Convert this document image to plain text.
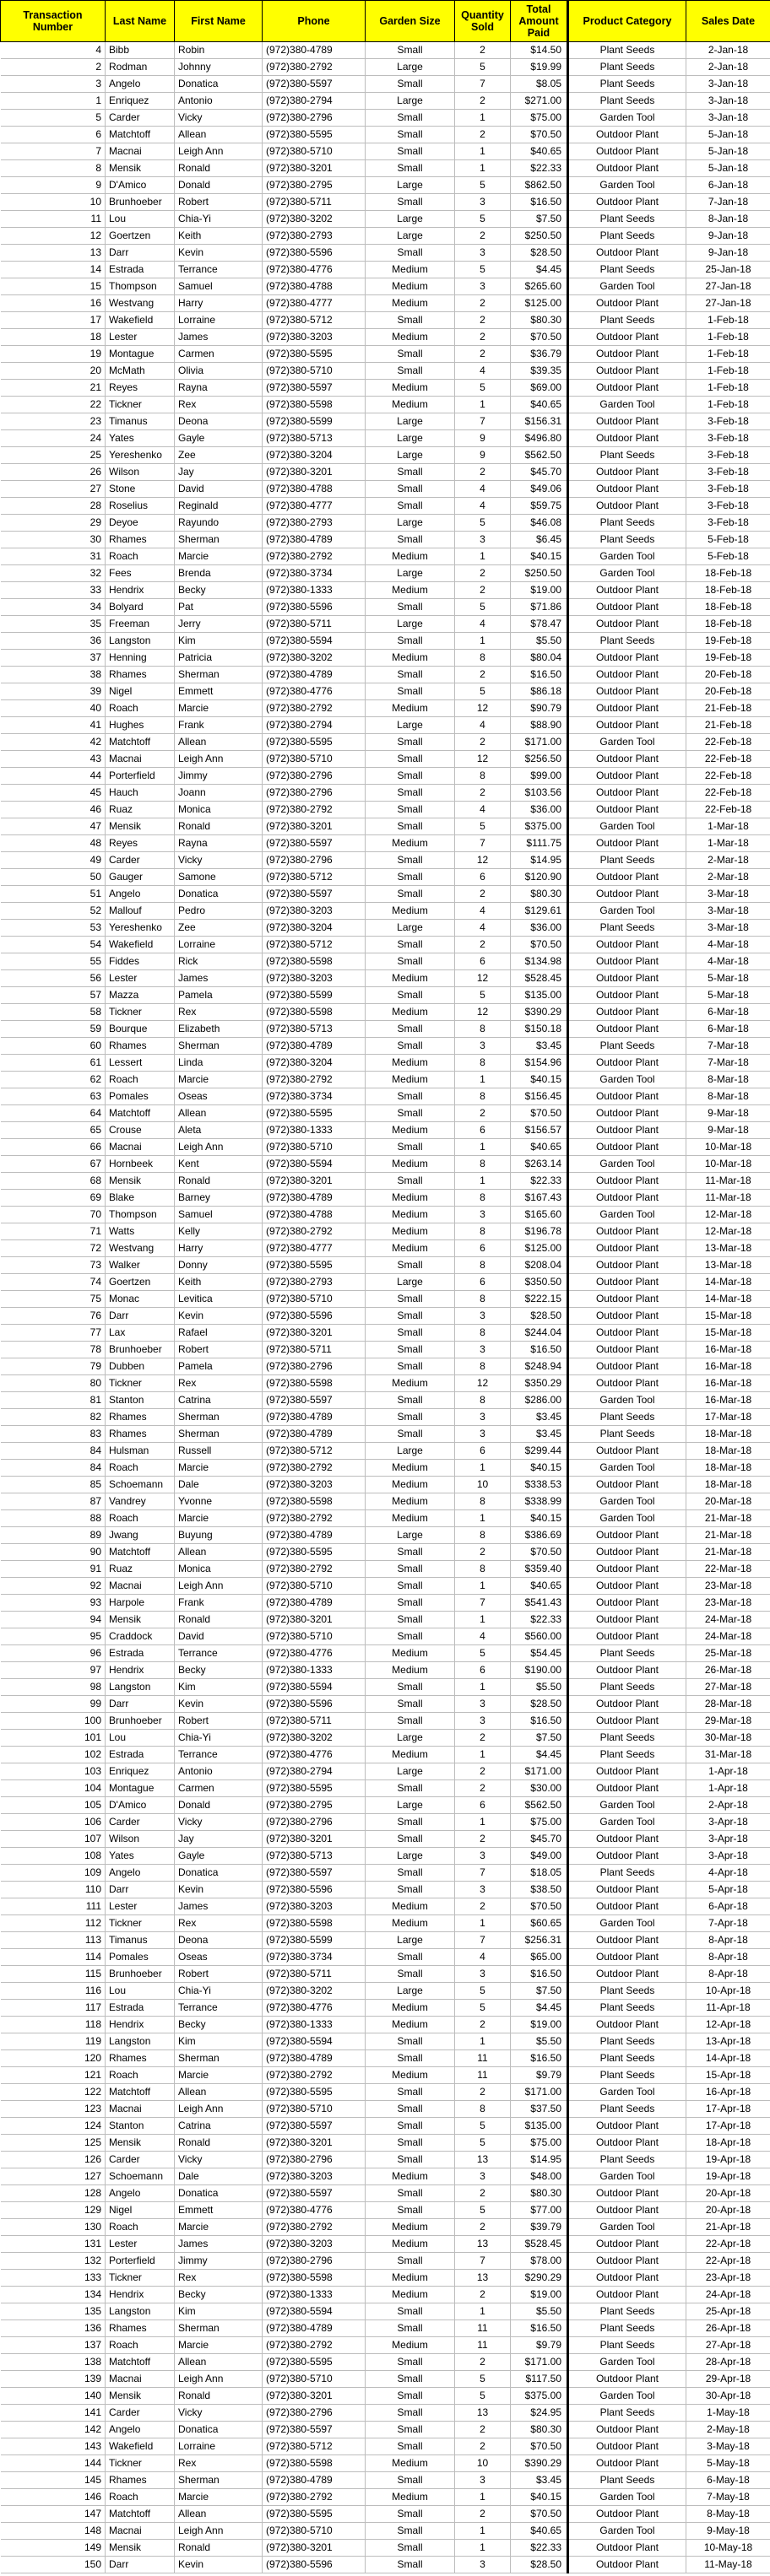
Transaction Number	Last Name	First Name	Phone	Garden Size	Quantity Sold	Total Amount Paid	Product Category	Sales Date
4	Bibb	Robin	(972)380-4789	Small	2	$14.50	Plant Seeds	2-Jan-18
2	Rodman	Johnny	(972)380-2792	Large	5	$19.99	Plant Seeds	2-Jan-18
3	Angelo	Donatica	(972)380-5597	Small	7	$8.05	Plant Seeds	3-Jan-18
1	Enriquez	Antonio	(972)380-2794	Large	2	$271.00	Plant Seeds	3-Jan-18
5	Carder	Vicky	(972)380-2796	Small	1	$75.00	Garden Tool	3-Jan-18
6	Matchtoff	Allean	(972)380-5595	Small	2	$70.50	Outdoor Plant	5-Jan-18
7	Macnai	Leigh Ann	(972)380-5710	Small	1	$40.65	Outdoor Plant	5-Jan-18
8	Mensik	Ronald	(972)380-3201	Small	1	$22.33	Outdoor Plant	5-Jan-18
9	D'Amico	Donald	(972)380-2795	Large	5	$862.50	Garden Tool	6-Jan-18
10	Brunhoeber	Robert	(972)380-5711	Small	3	$16.50	Outdoor Plant	7-Jan-18
11	Lou	Chia-Yi	(972)380-3202	Large	5	$7.50	Plant Seeds	8-Jan-18
12	Goertzen	Keith	(972)380-2793	Large	2	$250.50	Plant Seeds	9-Jan-18
13	Darr	Kevin	(972)380-5596	Small	3	$28.50	Outdoor Plant	9-Jan-18
14	Estrada	Terrance	(972)380-4776	Medium	5	$4.45	Plant Seeds	25-Jan-18
15	Thompson	Samuel	(972)380-4788	Medium	3	$265.60	Garden Tool	27-Jan-18
16	Westvang	Harry	(972)380-4777	Medium	2	$125.00	Outdoor Plant	27-Jan-18
17	Wakefield	Lorraine	(972)380-5712	Small	2	$80.30	Plant Seeds	1-Feb-18
18	Lester	James	(972)380-3203	Medium	2	$70.50	Outdoor Plant	1-Feb-18
19	Montague	Carmen	(972)380-5595	Small	2	$36.79	Outdoor Plant	1-Feb-18
20	McMath	Olivia	(972)380-5710	Small	4	$39.35	Outdoor Plant	1-Feb-18
21	Reyes	Rayna	(972)380-5597	Medium	5	$69.00	Outdoor Plant	1-Feb-18
22	Tickner	Rex	(972)380-5598	Medium	1	$40.65	Garden Tool	1-Feb-18
23	Timanus	Deona	(972)380-5599	Large	7	$156.31	Outdoor Plant	3-Feb-18
24	Yates	Gayle	(972)380-5713	Large	9	$496.80	Outdoor Plant	3-Feb-18
25	Yereshenko	Zee	(972)380-3204	Large	9	$562.50	Plant Seeds	3-Feb-18
26	Wilson	Jay	(972)380-3201	Small	2	$45.70	Outdoor Plant	3-Feb-18
27	Stone	David	(972)380-4788	Small	4	$49.06	Outdoor Plant	3-Feb-18
28	Roselius	Reginald	(972)380-4777	Small	4	$59.75	Outdoor Plant	3-Feb-18
29	Deyoe	Rayundo	(972)380-2793	Large	5	$46.08	Plant Seeds	3-Feb-18
30	Rhames	Sherman	(972)380-4789	Small	3	$6.45	Plant Seeds	5-Feb-18
31	Roach	Marcie	(972)380-2792	Medium	1	$40.15	Garden Tool	5-Feb-18
32	Fees	Brenda	(972)380-3734	Large	2	$250.50	Garden Tool	18-Feb-18
33	Hendrix	Becky	(972)380-1333	Medium	2	$19.00	Outdoor Plant	18-Feb-18
34	Bolyard	Pat	(972)380-5596	Small	5	$71.86	Outdoor Plant	18-Feb-18
35	Freeman	Jerry	(972)380-5711	Large	4	$78.47	Outdoor Plant	18-Feb-18
36	Langston	Kim	(972)380-5594	Small	1	$5.50	Plant Seeds	19-Feb-18
37	Henning	Patricia	(972)380-3202	Medium	8	$80.04	Outdoor Plant	19-Feb-18
38	Rhames	Sherman	(972)380-4789	Small	2	$16.50	Outdoor Plant	20-Feb-18
39	Nigel	Emmett	(972)380-4776	Small	5	$86.18	Outdoor Plant	20-Feb-18
40	Roach	Marcie	(972)380-2792	Medium	12	$90.79	Outdoor Plant	21-Feb-18
41	Hughes	Frank	(972)380-2794	Large	4	$88.90	Outdoor Plant	21-Feb-18
42	Matchtoff	Allean	(972)380-5595	Small	2	$171.00	Garden Tool	22-Feb-18
43	Macnai	Leigh Ann	(972)380-5710	Small	12	$256.50	Outdoor Plant	22-Feb-18
44	Porterfield	Jimmy	(972)380-2796	Small	8	$99.00	Outdoor Plant	22-Feb-18
45	Hauch	Joann	(972)380-2796	Small	2	$103.56	Outdoor Plant	22-Feb-18
46	Ruaz	Monica	(972)380-2792	Small	4	$36.00	Outdoor Plant	22-Feb-18
47	Mensik	Ronald	(972)380-3201	Small	5	$375.00	Garden Tool	1-Mar-18
48	Reyes	Rayna	(972)380-5597	Medium	7	$111.75	Outdoor Plant	1-Mar-18
49	Carder	Vicky	(972)380-2796	Small	12	$14.95	Plant Seeds	2-Mar-18
50	Gauger	Samone	(972)380-5712	Small	6	$120.90	Outdoor Plant	2-Mar-18
51	Angelo	Donatica	(972)380-5597	Small	2	$80.30	Outdoor Plant	3-Mar-18
52	Mallouf	Pedro	(972)380-3203	Medium	4	$129.61	Garden Tool	3-Mar-18
53	Yereshenko	Zee	(972)380-3204	Large	4	$36.00	Plant Seeds	3-Mar-18
54	Wakefield	Lorraine	(972)380-5712	Small	2	$70.50	Outdoor Plant	4-Mar-18
55	Fiddes	Rick	(972)380-5598	Small	6	$134.98	Outdoor Plant	4-Mar-18
56	Lester	James	(972)380-3203	Medium	12	$528.45	Outdoor Plant	5-Mar-18
57	Mazza	Pamela	(972)380-5599	Small	5	$135.00	Outdoor Plant	5-Mar-18
58	Tickner	Rex	(972)380-5598	Medium	12	$390.29	Outdoor Plant	6-Mar-18
59	Bourque	Elizabeth	(972)380-5713	Small	8	$150.18	Outdoor Plant	6-Mar-18
60	Rhames	Sherman	(972)380-4789	Small	3	$3.45	Plant Seeds	7-Mar-18
61	Lessert	Linda	(972)380-3204	Medium	8	$154.96	Outdoor Plant	7-Mar-18
62	Roach	Marcie	(972)380-2792	Medium	1	$40.15	Garden Tool	8-Mar-18
63	Pomales	Oseas	(972)380-3734	Small	8	$156.45	Outdoor Plant	8-Mar-18
64	Matchtoff	Allean	(972)380-5595	Small	2	$70.50	Outdoor Plant	9-Mar-18
65	Crouse	Aleta	(972)380-1333	Medium	6	$156.57	Outdoor Plant	9-Mar-18
66	Macnai	Leigh Ann	(972)380-5710	Small	1	$40.65	Outdoor Plant	10-Mar-18
67	Hornbeek	Kent	(972)380-5594	Medium	8	$263.14	Garden Tool	10-Mar-18
68	Mensik	Ronald	(972)380-3201	Small	1	$22.33	Outdoor Plant	11-Mar-18
69	Blake	Barney	(972)380-4789	Medium	8	$167.43	Outdoor Plant	11-Mar-18
70	Thompson	Samuel	(972)380-4788	Medium	3	$165.60	Garden Tool	12-Mar-18
71	Watts	Kelly	(972)380-2792	Medium	8	$196.78	Outdoor Plant	12-Mar-18
72	Westvang	Harry	(972)380-4777	Medium	6	$125.00	Outdoor Plant	13-Mar-18
73	Walker	Donny	(972)380-5595	Small	8	$208.04	Outdoor Plant	13-Mar-18
74	Goertzen	Keith	(972)380-2793	Large	6	$350.50	Outdoor Plant	14-Mar-18
75	Monac	Levitica	(972)380-5710	Small	8	$222.15	Outdoor Plant	14-Mar-18
76	Darr	Kevin	(972)380-5596	Small	3	$28.50	Outdoor Plant	15-Mar-18
77	Lax	Rafael	(972)380-3201	Small	8	$244.04	Outdoor Plant	15-Mar-18
78	Brunhoeber	Robert	(972)380-5711	Small	3	$16.50	Outdoor Plant	16-Mar-18
79	Dubben	Pamela	(972)380-2796	Small	8	$248.94	Outdoor Plant	16-Mar-18
80	Tickner	Rex	(972)380-5598	Medium	12	$350.29	Outdoor Plant	16-Mar-18
81	Stanton	Catrina	(972)380-5597	Small	8	$286.00	Garden Tool	16-Mar-18
82	Rhames	Sherman	(972)380-4789	Small	3	$3.45	Plant Seeds	17-Mar-18
83	Rhames	Sherman	(972)380-4789	Small	3	$3.45	Plant Seeds	18-Mar-18
84	Hulsman	Russell	(972)380-5712	Large	6	$299.44	Outdoor Plant	18-Mar-18
84	Roach	Marcie	(972)380-2792	Medium	1	$40.15	Garden Tool	18-Mar-18
85	Schoemann	Dale	(972)380-3203	Medium	10	$338.53	Outdoor Plant	18-Mar-18
87	Vandrey	Yvonne	(972)380-5598	Medium	8	$338.99	Garden Tool	20-Mar-18
88	Roach	Marcie	(972)380-2792	Medium	1	$40.15	Garden Tool	21-Mar-18
89	Jwang	Buyung	(972)380-4789	Large	8	$386.69	Outdoor Plant	21-Mar-18
90	Matchtoff	Allean	(972)380-5595	Small	2	$70.50	Outdoor Plant	21-Mar-18
91	Ruaz	Monica	(972)380-2792	Small	8	$359.40	Outdoor Plant	22-Mar-18
92	Macnai	Leigh Ann	(972)380-5710	Small	1	$40.65	Outdoor Plant	23-Mar-18
93	Harpole	Frank	(972)380-4789	Small	7	$541.43	Outdoor Plant	23-Mar-18
94	Mensik	Ronald	(972)380-3201	Small	1	$22.33	Outdoor Plant	24-Mar-18
95	Craddock	David	(972)380-5710	Small	4	$560.00	Outdoor Plant	24-Mar-18
96	Estrada	Terrance	(972)380-4776	Medium	5	$54.45	Plant Seeds	25-Mar-18
97	Hendrix	Becky	(972)380-1333	Medium	6	$190.00	Outdoor Plant	26-Mar-18
98	Langston	Kim	(972)380-5594	Small	1	$5.50	Plant Seeds	27-Mar-18
99	Darr	Kevin	(972)380-5596	Small	3	$28.50	Outdoor Plant	28-Mar-18
100	Brunhoeber	Robert	(972)380-5711	Small	3	$16.50	Outdoor Plant	29-Mar-18
101	Lou	Chia-Yi	(972)380-3202	Large	2	$7.50	Plant Seeds	30-Mar-18
102	Estrada	Terrance	(972)380-4776	Medium	1	$4.45	Plant Seeds	31-Mar-18
103	Enriquez	Antonio	(972)380-2794	Large	2	$171.00	Outdoor Plant	1-Apr-18
104	Montague	Carmen	(972)380-5595	Small	2	$30.00	Outdoor Plant	1-Apr-18
105	D'Amico	Donald	(972)380-2795	Large	6	$562.50	Garden Tool	2-Apr-18
106	Carder	Vicky	(972)380-2796	Small	1	$75.00	Garden Tool	3-Apr-18
107	Wilson	Jay	(972)380-3201	Small	2	$45.70	Outdoor Plant	3-Apr-18
108	Yates	Gayle	(972)380-5713	Large	3	$49.00	Outdoor Plant	3-Apr-18
109	Angelo	Donatica	(972)380-5597	Small	7	$18.05	Plant Seeds	4-Apr-18
110	Darr	Kevin	(972)380-5596	Small	3	$38.50	Outdoor Plant	5-Apr-18
111	Lester	James	(972)380-3203	Medium	2	$70.50	Outdoor Plant	6-Apr-18
112	Tickner	Rex	(972)380-5598	Medium	1	$60.65	Garden Tool	7-Apr-18
113	Timanus	Deona	(972)380-5599	Large	7	$256.31	Outdoor Plant	8-Apr-18
114	Pomales	Oseas	(972)380-3734	Small	4	$65.00	Outdoor Plant	8-Apr-18
115	Brunhoeber	Robert	(972)380-5711	Small	3	$16.50	Outdoor Plant	8-Apr-18
116	Lou	Chia-Yi	(972)380-3202	Large	5	$7.50	Plant Seeds	10-Apr-18
117	Estrada	Terrance	(972)380-4776	Medium	5	$4.45	Plant Seeds	11-Apr-18
118	Hendrix	Becky	(972)380-1333	Medium	2	$19.00	Outdoor Plant	12-Apr-18
119	Langston	Kim	(972)380-5594	Small	1	$5.50	Plant Seeds	13-Apr-18
120	Rhames	Sherman	(972)380-4789	Small	11	$16.50	Plant Seeds	14-Apr-18
121	Roach	Marcie	(972)380-2792	Medium	11	$9.79	Plant Seeds	15-Apr-18
122	Matchtoff	Allean	(972)380-5595	Small	2	$171.00	Garden Tool	16-Apr-18
123	Macnai	Leigh Ann	(972)380-5710	Small	8	$37.50	Plant Seeds	17-Apr-18
124	Stanton	Catrina	(972)380-5597	Small	5	$135.00	Outdoor Plant	17-Apr-18
125	Mensik	Ronald	(972)380-3201	Small	5	$75.00	Outdoor Plant	18-Apr-18
126	Carder	Vicky	(972)380-2796	Small	13	$14.95	Plant Seeds	19-Apr-18
127	Schoemann	Dale	(972)380-3203	Medium	3	$48.00	Garden Tool	19-Apr-18
128	Angelo	Donatica	(972)380-5597	Small	2	$80.30	Outdoor Plant	20-Apr-18
129	Nigel	Emmett	(972)380-4776	Small	5	$77.00	Outdoor Plant	20-Apr-18
130	Roach	Marcie	(972)380-2792	Medium	2	$39.79	Garden Tool	21-Apr-18
131	Lester	James	(972)380-3203	Medium	13	$528.45	Outdoor Plant	22-Apr-18
132	Porterfield	Jimmy	(972)380-2796	Small	7	$78.00	Outdoor Plant	22-Apr-18
133	Tickner	Rex	(972)380-5598	Medium	13	$290.29	Outdoor Plant	23-Apr-18
134	Hendrix	Becky	(972)380-1333	Medium	2	$19.00	Outdoor Plant	24-Apr-18
135	Langston	Kim	(972)380-5594	Small	1	$5.50	Plant Seeds	25-Apr-18
136	Rhames	Sherman	(972)380-4789	Small	11	$16.50	Plant Seeds	26-Apr-18
137	Roach	Marcie	(972)380-2792	Medium	11	$9.79	Plant Seeds	27-Apr-18
138	Matchtoff	Allean	(972)380-5595	Small	2	$171.00	Garden Tool	28-Apr-18
139	Macnai	Leigh Ann	(972)380-5710	Small	5	$117.50	Outdoor Plant	29-Apr-18
140	Mensik	Ronald	(972)380-3201	Small	5	$375.00	Garden Tool	30-Apr-18
141	Carder	Vicky	(972)380-2796	Small	13	$24.95	Plant Seeds	1-May-18
142	Angelo	Donatica	(972)380-5597	Small	2	$80.30	Outdoor Plant	2-May-18
143	Wakefield	Lorraine	(972)380-5712	Small	2	$70.50	Outdoor Plant	3-May-18
144	Tickner	Rex	(972)380-5598	Medium	10	$390.29	Outdoor Plant	5-May-18
145	Rhames	Sherman	(972)380-4789	Small	3	$3.45	Plant Seeds	6-May-18
146	Roach	Marcie	(972)380-2792	Medium	1	$40.15	Garden Tool	7-May-18
147	Matchtoff	Allean	(972)380-5595	Small	2	$70.50	Outdoor Plant	8-May-18
148	Macnai	Leigh Ann	(972)380-5710	Small	1	$40.65	Garden Tool	9-May-18
149	Mensik	Ronald	(972)380-3201	Small	1	$22.33	Outdoor Plant	10-May-18
150	Darr	Kevin	(972)380-5596	Small	3	$28.50	Outdoor Plant	11-May-18
